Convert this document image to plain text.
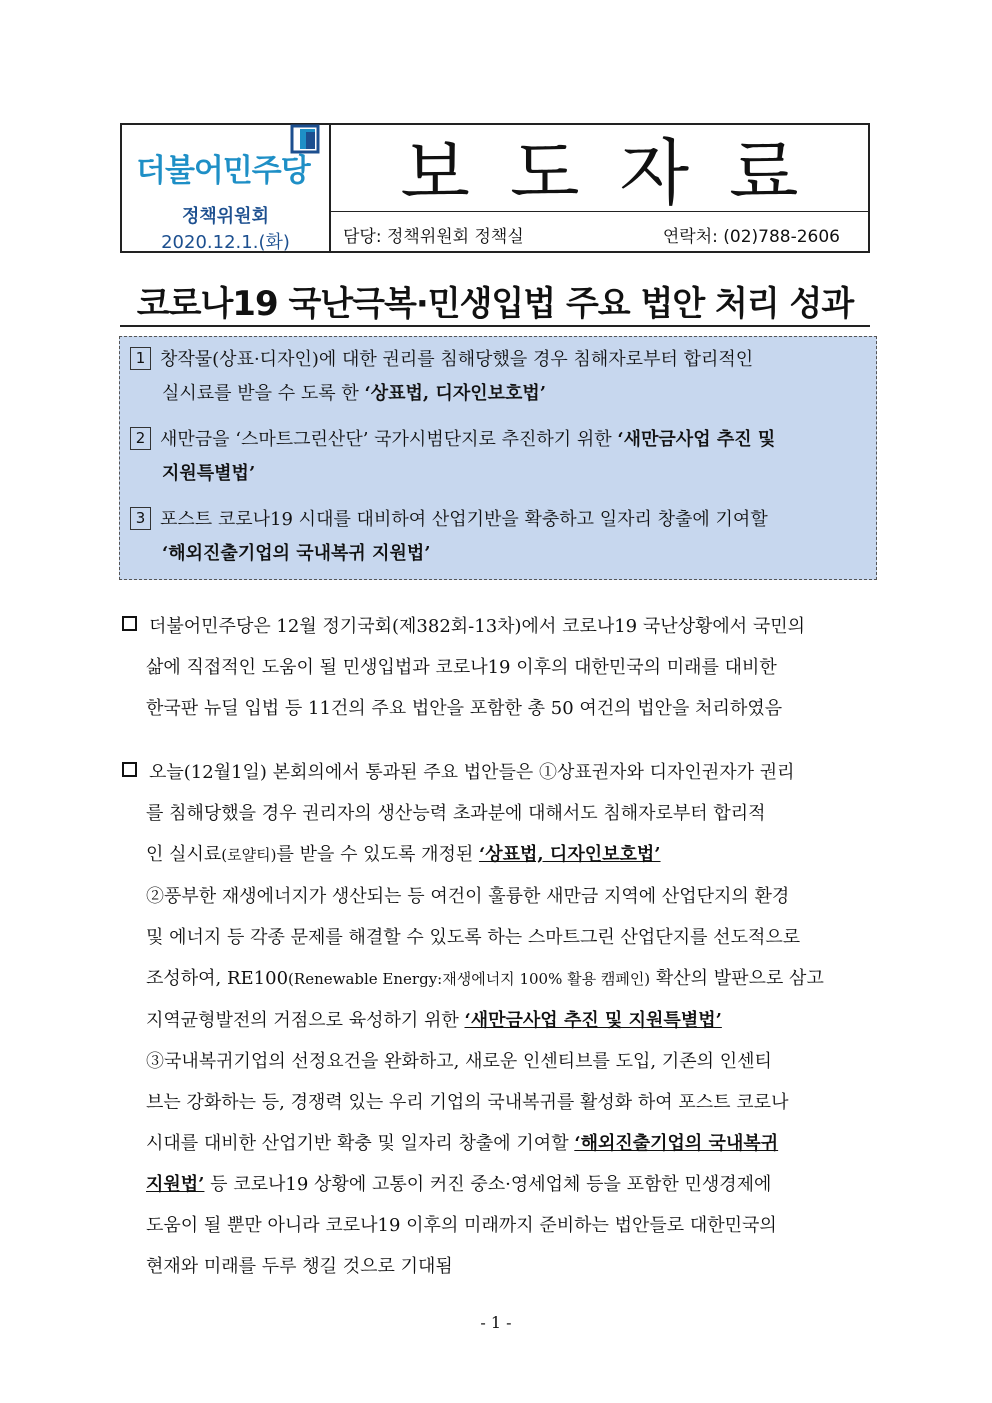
더불어민주당
정책위원회
2020.12.1.(화)
보도자료
담당: 정책위원회 정책실	연락처: (02)788-2606
코로나19 국난극복·민생입법 주요 법안 처리 성과

1 창작물(상표·디자인)에 대한 권리를 침해당했을 경우 침해자로부터 합리적인
실시료를 받을 수 도록 한 ‘상표법, 디자인보호법’

2 새만금을 ‘스마트그린산단’ 국가시범단지로 추진하기 위한 ‘새만금사업 추진 및
지원특별법’

3 포스트 코로나19 시대를 대비하여 산업기반을 확충하고 일자리 창출에 기여할
‘해외진출기업의 국내복귀 지원법’

더불어민주당은 12월 정기국회(제382회-13차)에서 코로나19 국난상황에서 국민의
삶에 직접적인 도움이 될 민생입법과 코로나19 이후의 대한민국의 미래를 대비한
한국판 뉴딜 입법 등 11건의 주요 법안을 포함한 총 50 여건의 법안을 처리하였음
오늘(12월1일) 본회의에서 통과된 주요 법안들은 ①상표권자와 디자인권자가 권리
를 침해당했을 경우 권리자의 생산능력 초과분에 대해서도 침해자로부터 합리적
인 실시료(로얄티)를 받을 수 있도록 개정된 ‘상표법, 디자인보호법’
②풍부한 재생에너지가 생산되는 등 여건이 훌륭한 새만금 지역에 산업단지의 환경
및 에너지 등 각종 문제를 해결할 수 있도록 하는 스마트그린 산업단지를 선도적으로
조성하여, RE100(Renewable Energy:재생에너지 100% 활용 캠페인) 확산의 발판으로 삼고
지역균형발전의 거점으로 육성하기 위한 ‘새만금사업 추진 및 지원특별법’
③국내복귀기업의 선정요건을 완화하고, 새로운 인센티브를 도입, 기존의 인센티
브는 강화하는 등, 경쟁력 있는 우리 기업의 국내복귀를 활성화 하여 포스트 코로나
시대를 대비한 산업기반 확충 및 일자리 창출에 기여할 ‘해외진출기업의 국내복귀
지원법’ 등 코로나19 상황에 고통이 커진 중소·영세업체 등을 포함한 민생경제에
도움이 될 뿐만 아니라 코로나19 이후의 미래까지 준비하는 법안들로 대한민국의
현재와 미래를 두루 챙길 것으로 기대됨
- 1 -
